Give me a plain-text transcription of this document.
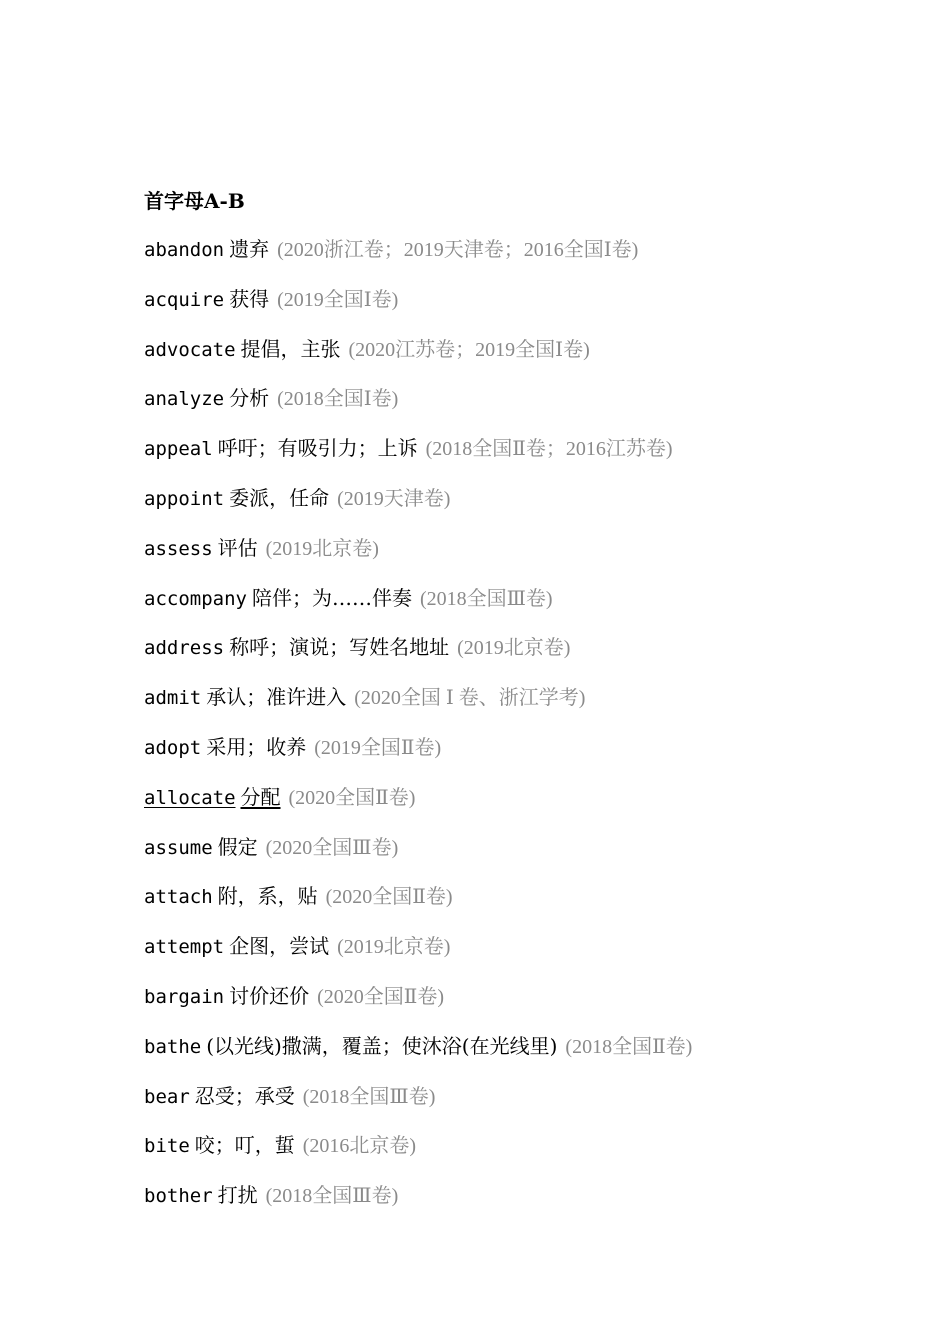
首字母A-B
abandon 遗弃 (2020浙江卷；2019天津卷；2016全国Ⅰ卷)
acquire 获得 (2019全国Ⅰ卷)
advocate 提倡，主张 (2020江苏卷；2019全国Ⅰ卷)
analyze 分析 (2018全国Ⅰ卷)
appeal 呼吁；有吸引力；上诉 (2018全国Ⅱ卷；2016江苏卷)
appoint 委派，任命 (2019天津卷)
assess 评估 (2019北京卷)
accompany 陪伴；为……伴奏 (2018全国Ⅲ卷)
address 称呼；演说；写姓名地址 (2019北京卷)
admit 承认；准许进入 (2020全国 Ⅰ 卷、浙江学考)
adopt 采用；收养 (2019全国Ⅱ卷)
allocate 分配 (2020全国Ⅱ卷)
assume 假定 (2020全国Ⅲ卷)
attach 附，系，贴 (2020全国Ⅱ卷)
attempt 企图，尝试 (2019北京卷)
bargain 讨价还价 (2020全国Ⅱ卷)
bathe (以光线)撒满，覆盖；使沐浴(在光线里) (2018全国Ⅱ卷)
bear 忍受；承受 (2018全国Ⅲ卷)
bite 咬；叮，蜇 (2016北京卷)
bother 打扰 (2018全国Ⅲ卷)
